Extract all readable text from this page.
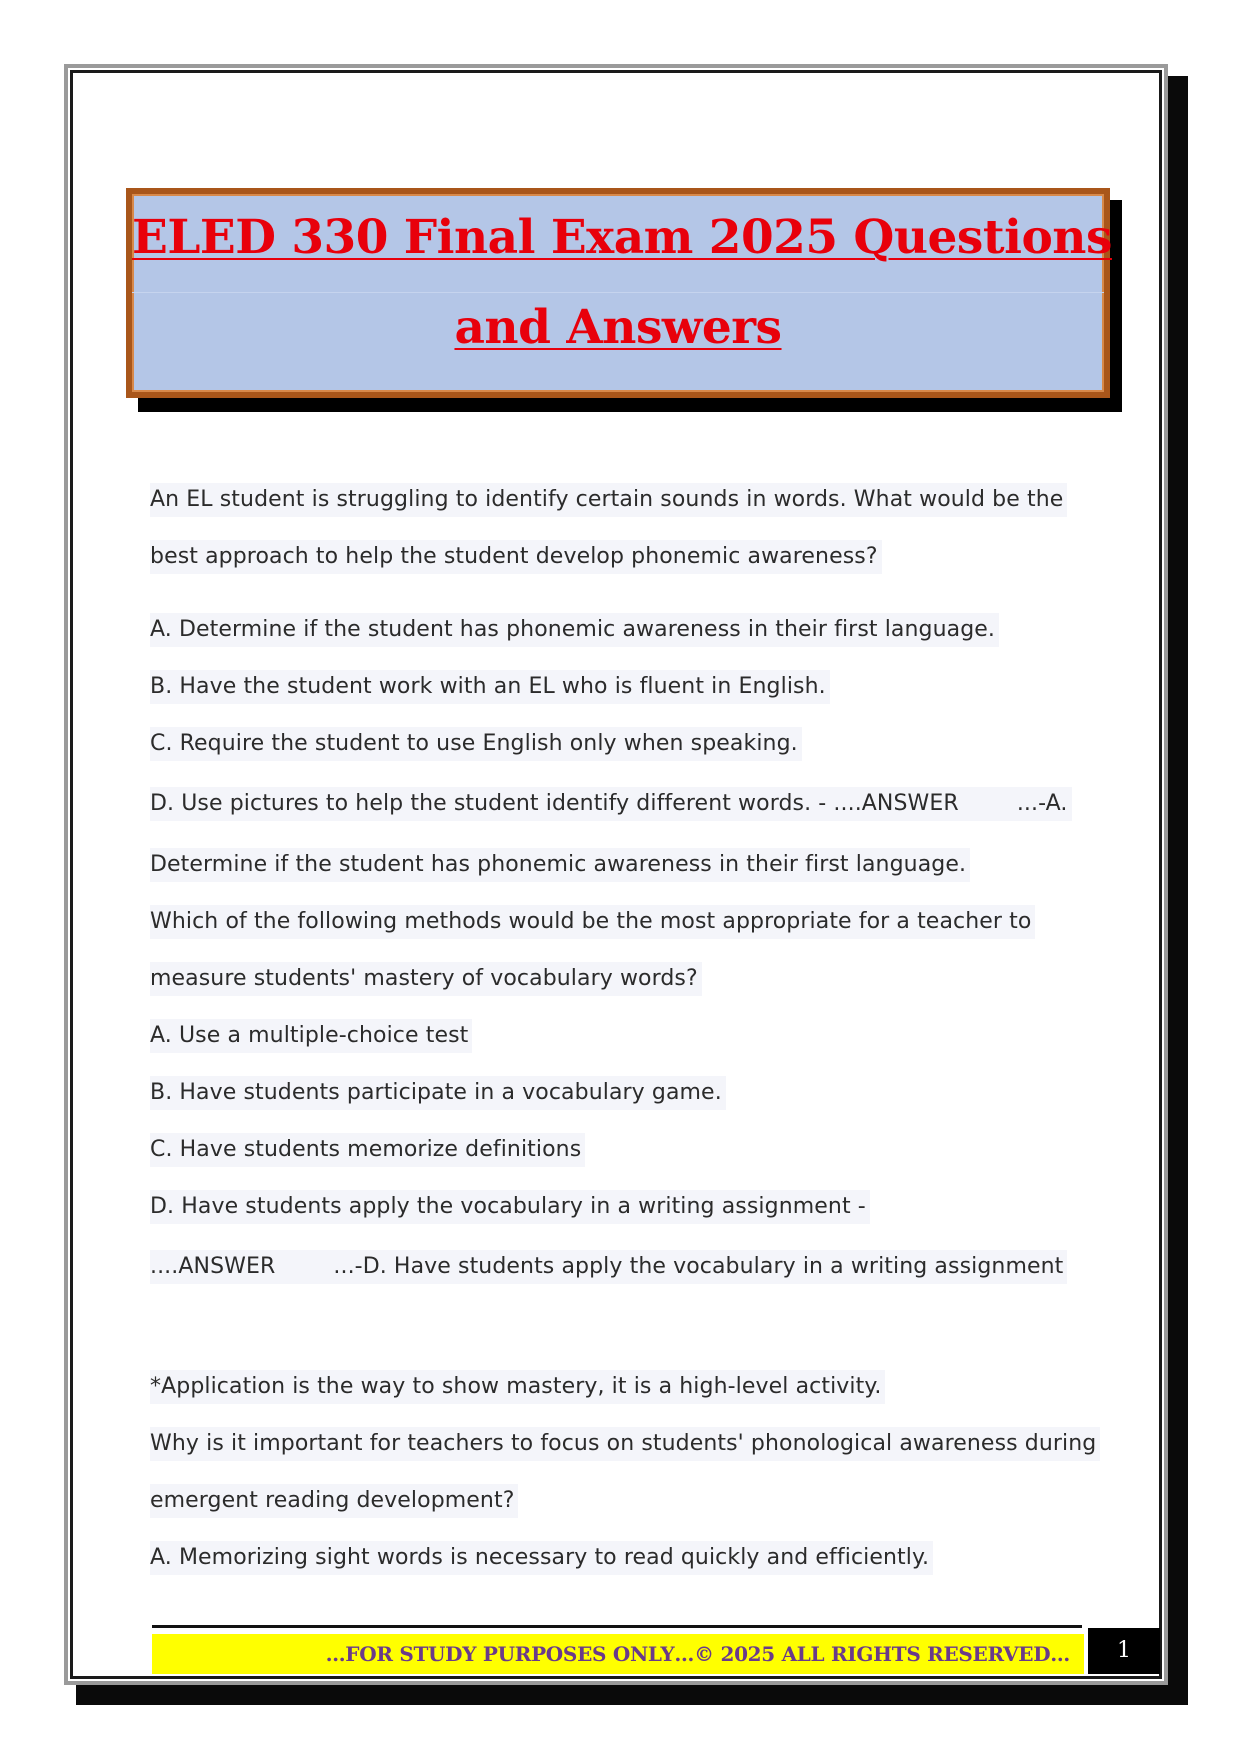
ELED 330 Final Exam 2025 Questions
and Answers
An EL student is struggling to identify certain sounds in words. What would be the
best approach to help the student develop phonemic awareness?
A. Determine if the student has phonemic awareness in their first language.
B. Have the student work with an EL who is fluent in English.
C. Require the student to use English only when speaking.
D. Use pictures to help the student identify different words. - ....ANSWER	...-A.
Determine if the student has phonemic awareness in their first language.
Which of the following methods would be the most appropriate for a teacher to
measure students' mastery of vocabulary words?
A. Use a multiple-choice test
B. Have students participate in a vocabulary game.
C. Have students memorize definitions
D. Have students apply the vocabulary in a writing assignment -
....ANSWER	...-D. Have students apply the vocabulary in a writing assignment
*Application is the way to show mastery, it is a high-level activity.
Why is it important for teachers to focus on students' phonological awareness during
emergent reading development?
A. Memorizing sight words is necessary to read quickly and efficiently.
…FOR STUDY PURPOSES ONLY…© 2025 ALL RIGHTS RESERVED…	1
